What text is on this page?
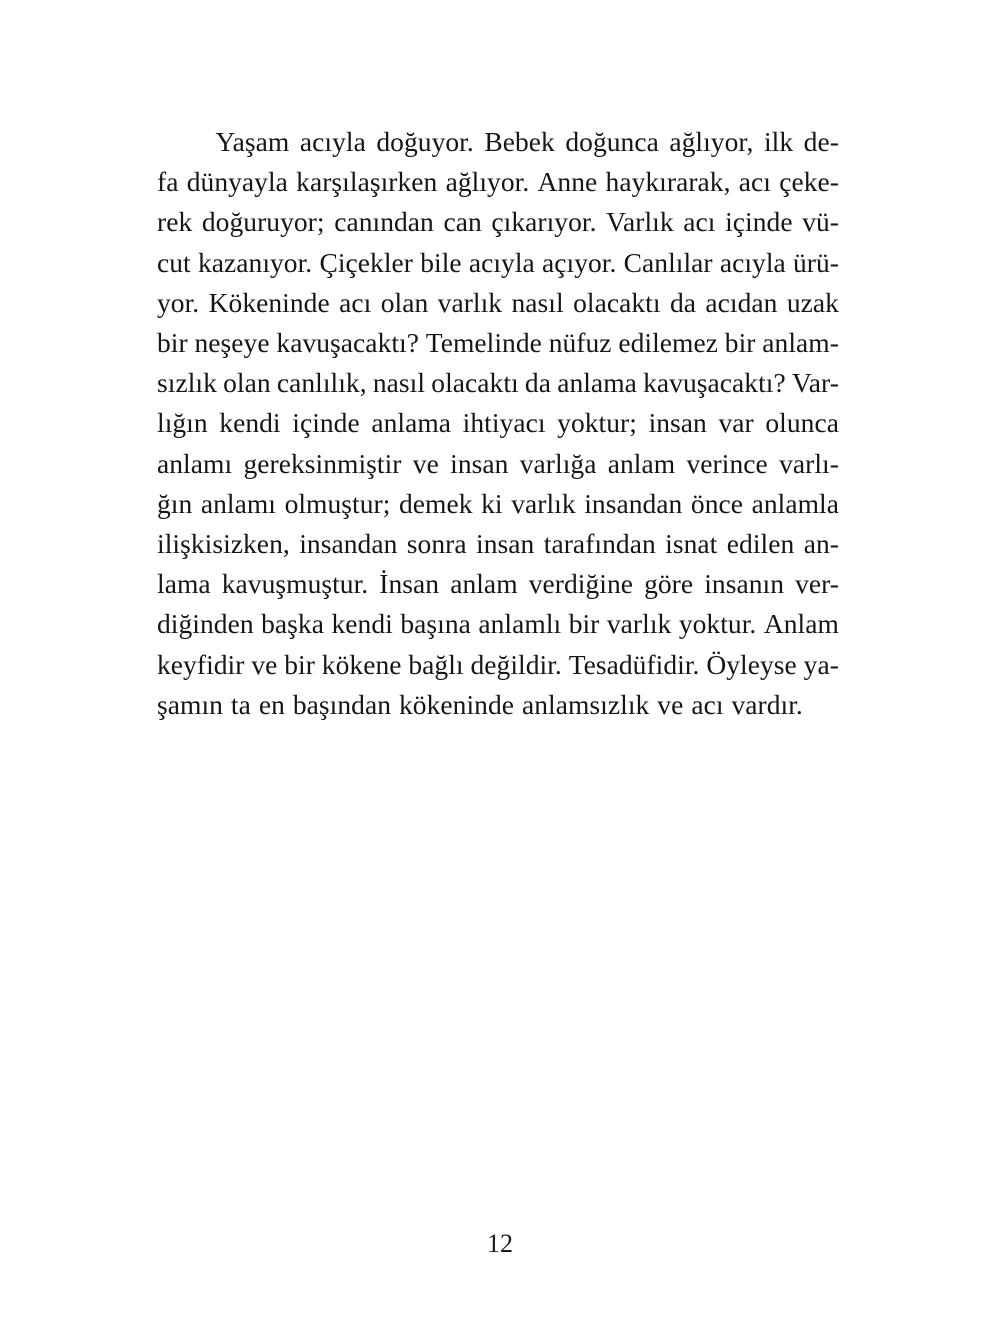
Yaşam acıyla doğuyor. Bebek doğunca ağlıyor, ilk de-
fa dünyayla karşılaşırken ağlıyor. Anne haykırarak, acı çeke-
rek doğuruyor; canından can çıkarıyor. Varlık acı içinde vü-
cut kazanıyor. Çiçekler bile acıyla açıyor. Canlılar acıyla ürü-
yor. Kökeninde acı olan varlık nasıl olacaktı da acıdan uzak
bir neşeye kavuşacaktı? Temelinde nüfuz edilemez bir anlam-
sızlık olan canlılık, nasıl olacaktı da anlama kavuşacaktı? Var-
lığın kendi içinde anlama ihtiyacı yoktur; insan var olunca
anlamı gereksinmiştir ve insan varlığa anlam verince varlı-
ğın anlamı olmuştur; demek ki varlık insandan önce anlamla
ilişkisizken, insandan sonra insan tarafından isnat edilen an-
lama kavuşmuştur. İnsan anlam verdiğine göre insanın ver-
diğinden başka kendi başına anlamlı bir varlık yoktur. Anlam
keyfidir ve bir kökene bağlı değildir. Tesadüfidir. Öyleyse ya-
şamın ta en başından kökeninde anlamsızlık ve acı vardır.
12
